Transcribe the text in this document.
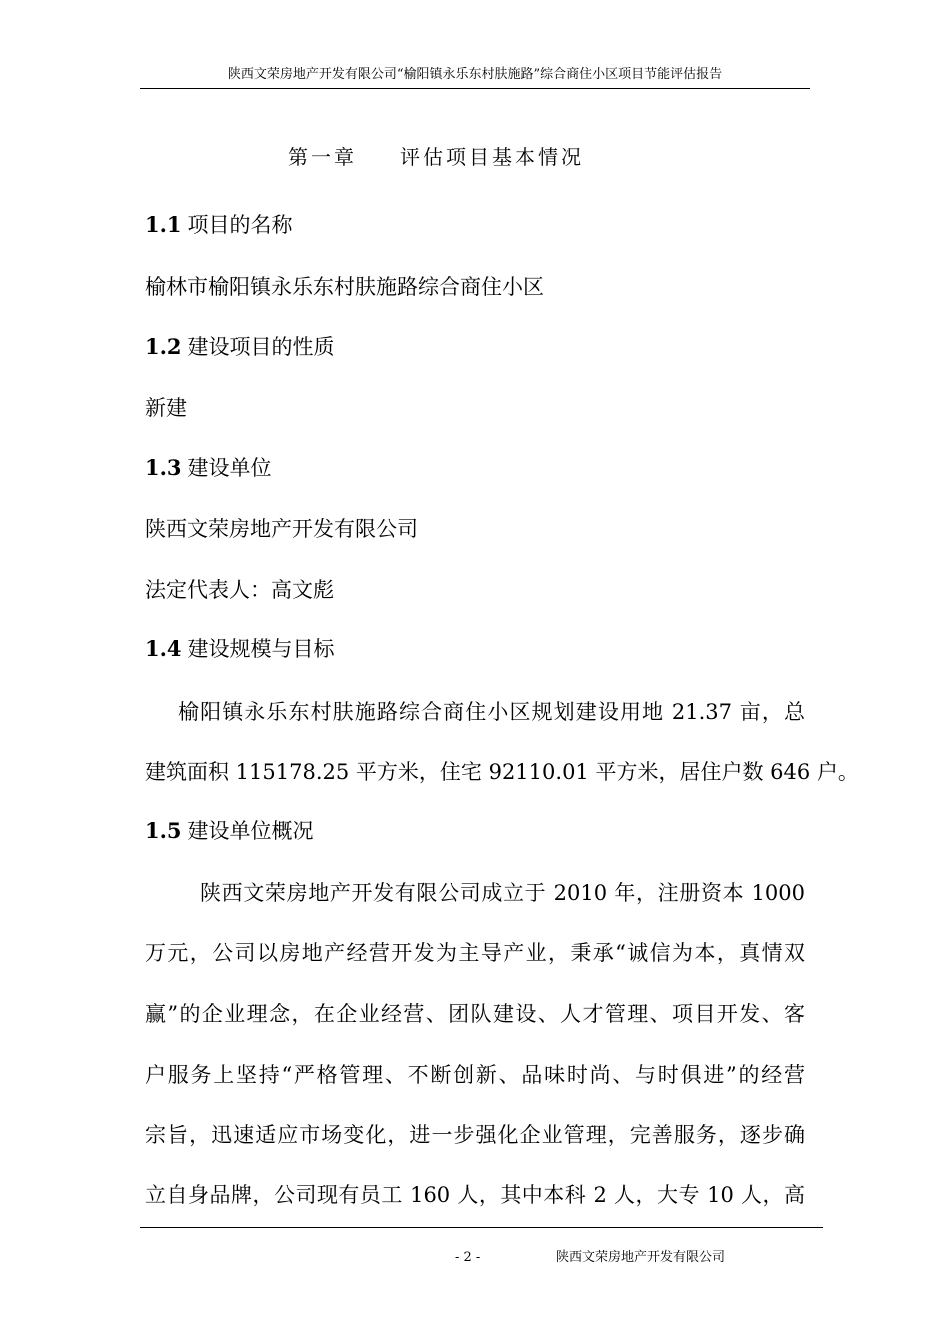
陕西文荣房地产开发有限公司“榆阳镇永乐东村肤施路”综合商住小区项目节能评估报告
第一章 评估项目基本情况
1.1 项目的名称
榆林市榆阳镇永乐东村肤施路综合商住小区
1.2 建设项目的性质
新建
1.3 建设单位
陕西文荣房地产开发有限公司
法定代表人：高文彪
1.4 建设规模与目标
榆阳镇永乐东村肤施路综合商住小区规划建设用地 21.37 亩，总
建筑面积 115178.25 平方米，住宅 92110.01 平方米，居住户数 646 户。
1.5 建设单位概况
陕西文荣房地产开发有限公司成立于 2010 年，注册资本 1000
万元，公司以房地产经营开发为主导产业，秉承“诚信为本，真情双
赢”的企业理念，在企业经营、团队建设、人才管理、项目开发、客
户服务上坚持“严格管理、不断创新、品味时尚、与时俱进”的经营
宗旨，迅速适应市场变化，进一步强化企业管理，完善服务，逐步确
立自身品牌，公司现有员工 160 人，其中本科 2 人，大专 10 人，高
- 2 -	陕西文荣房地产开发有限公司
